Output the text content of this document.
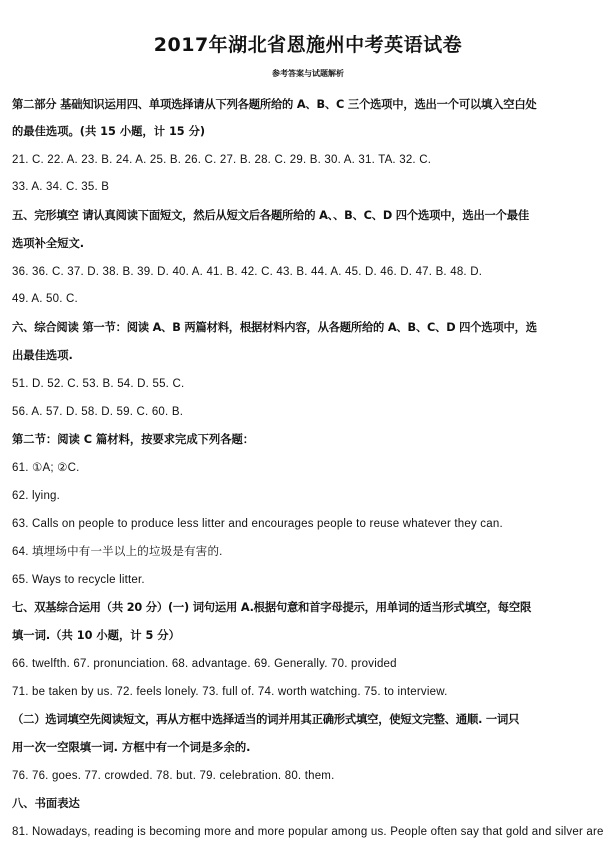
2017年湖北省恩施州中考英语试卷
参考答案与试题解析
第二部分 基础知识运用四、单项选择请从下列各题所给的 A、B、C 三个选项中，选出一个可以填入空白处
的最佳选项。(共 15 小题，计 15 分)
21. C. 22. A. 23. B. 24. A. 25. B. 26. C. 27. B. 28. C. 29. B. 30. A. 31. TA. 32. C.
33. A. 34. C. 35. B
五、完形填空 请认真阅读下面短文，然后从短文后各题所给的 A、、B、C、D 四个选项中，选出一个最佳
选项补全短文.
36. 36. C. 37. D. 38. B. 39. D. 40. A. 41. B. 42. C. 43. B. 44. A. 45. D. 46. D. 47. B. 48. D.
49. A. 50. C.
六、综合阅读 第一节：阅读 A、B 两篇材料，根据材料内容，从各题所给的 A、B、C、D 四个选项中，选
出最佳选项.
51. D. 52. C. 53. B. 54. D. 55. C.
56. A. 57. D. 58. D. 59. C. 60. B.
第二节：阅读 C 篇材料，按要求完成下列各题：
61. ①A; ②C.
62. lying.
63. Calls on people to produce less litter and encourages people to reuse whatever they can.
64. 填埋场中有一半以上的垃圾是有害的.
65. Ways to recycle litter.
七、双基综合运用（共 20 分）(一) 词句运用 A.根据句意和首字母提示，用单词的适当形式填空，每空限
填一词.（共 10 小题，计 5 分）
66. twelfth. 67. pronunciation. 68. advantage. 69. Generally. 70. provided
71. be taken by us. 72. feels lonely. 73. full of. 74. worth watching. 75. to interview.
（二）选词填空先阅读短文，再从方框中选择适当的词并用其正确形式填空，使短文完整、通顺. 一词只
用一次一空限填一词. 方框中有一个词是多余的.
76. 76. goes. 77. crowded. 78. but. 79. celebration. 80. them.
八、书面表达
81. Nowadays, reading is becoming more and more popular among us. People often say that gold and silver are
